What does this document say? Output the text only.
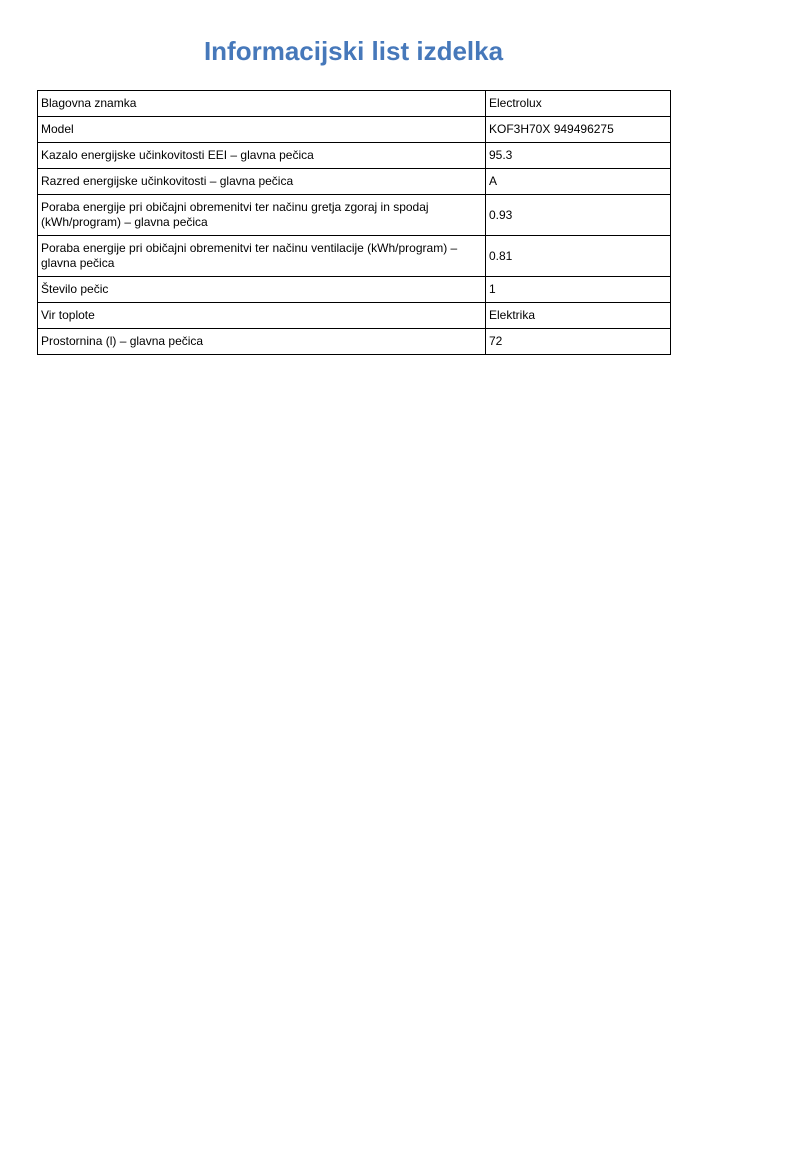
Informacijski list izdelka
Blagovna znamka	Electrolux
Model	KOF3H70X 949496275
Kazalo energijske učinkovitosti EEI – glavna pečica	95.3
Razred energijske učinkovitosti – glavna pečica	A
Poraba energije pri običajni obremenitvi ter načinu gretja zgoraj in spodaj (kWh/program) – glavna pečica	0.93
Poraba energije pri običajni obremenitvi ter načinu ventilacije (kWh/program) – glavna pečica	0.81
Število pečic	1
Vir toplote	Elektrika
Prostornina (l) – glavna pečica	72
